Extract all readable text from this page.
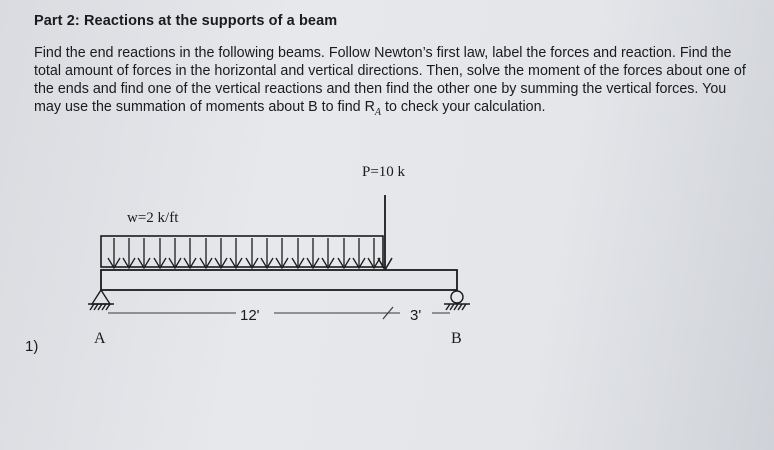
Part 2: Reactions at the supports of a beam
Find the end reactions in the following beams. Follow Newton’s first law, label the forces and reaction. Find the total amount of forces in the horizontal and vertical directions. Then, solve the moment of the forces about one of the ends and find one of the vertical reactions and then find the other one by summing the vertical forces. You may use the summation of moments about B to find $R_A$ to check your calculation.
1)
w=2 k/ft
P=10 k
12'	3'
A	B
